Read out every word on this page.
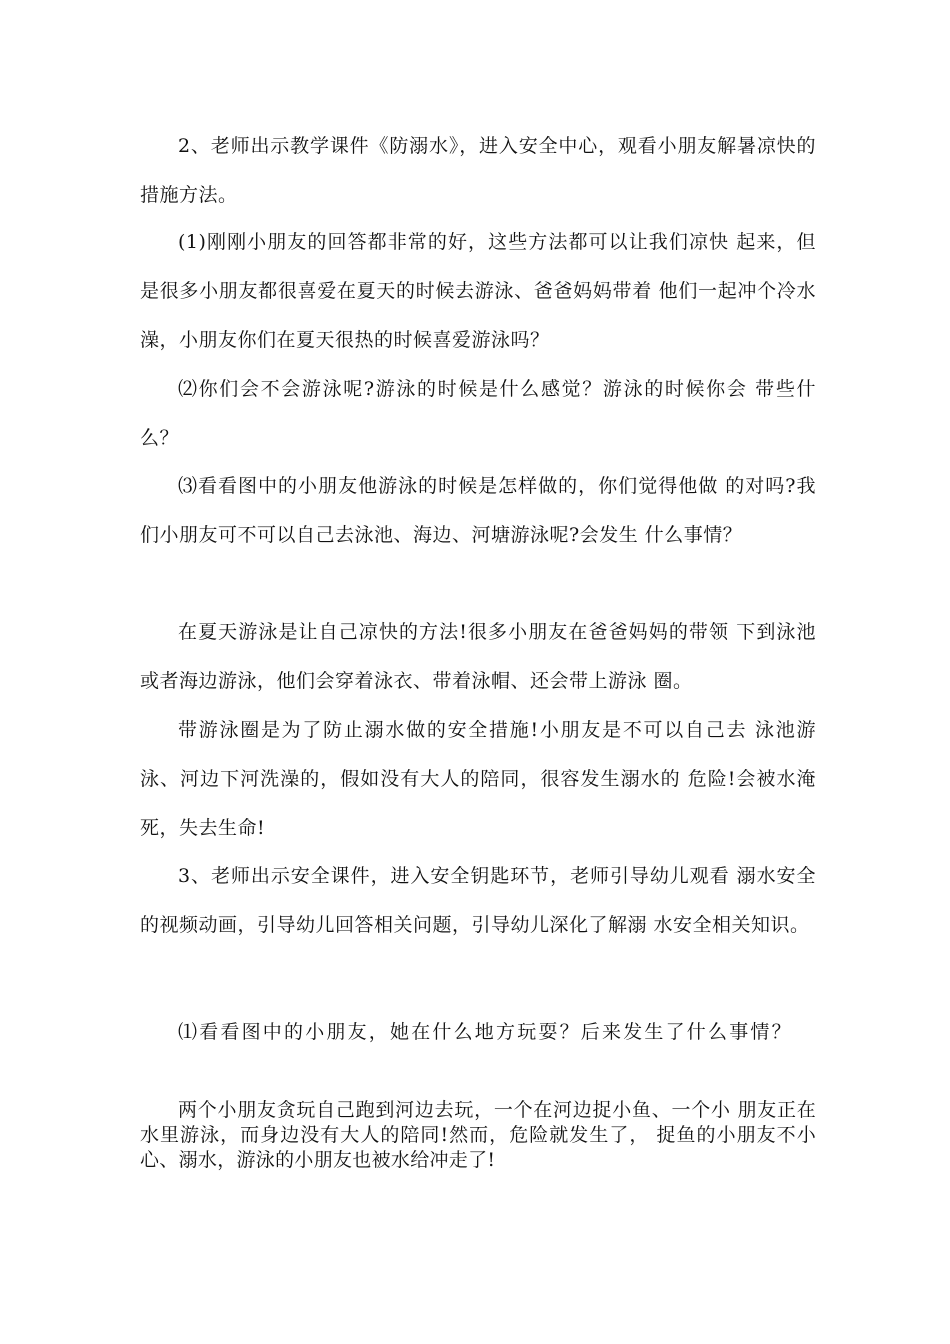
2、老师出示教学课件《防溺水》，进入安全中心，观看小朋友解暑凉快的措施方法。

(1)刚刚小朋友的回答都非常的好，这些方法都可以让我们凉快 起来，但是很多小朋友都很喜爱在夏天的时候去游泳、爸爸妈妈带着 他们一起冲个冷水澡，小朋友你们在夏天很热的时候喜爱游泳吗？

⑵你们会不会游泳呢?游泳的时候是什么感觉？游泳的时候你会 带些什么？

⑶看看图中的小朋友他游泳的时候是怎样做的，你们觉得他做 的对吗?我们小朋友可不可以自己去泳池、海边、河塘游泳呢?会发生 什么事情？

在夏天游泳是让自己凉快的方法!很多小朋友在爸爸妈妈的带领 下到泳池或者海边游泳，他们会穿着泳衣、带着泳帽、还会带上游泳 圈。

带游泳圈是为了防止溺水做的安全措施!小朋友是不可以自己去 泳池游泳、河边下河洗澡的，假如没有大人的陪同，很容发生溺水的 危险!会被水淹死，失去生命!

3、老师出示安全课件，进入安全钥匙环节，老师引导幼儿观看 溺水安全的视频动画，引导幼儿回答相关问题，引导幼儿深化了解溺 水安全相关知识。

⑴看看图中的小朋友，她在什么地方玩耍？后来发生了什么事情？

两个小朋友贪玩自己跑到河边去玩，一个在河边捉小鱼、一个小 朋友正在水里游泳，而身边没有大人的陪同!然而，危险就发生了， 捉鱼的小朋友不小心、溺水，游泳的小朋友也被水给冲走了!
